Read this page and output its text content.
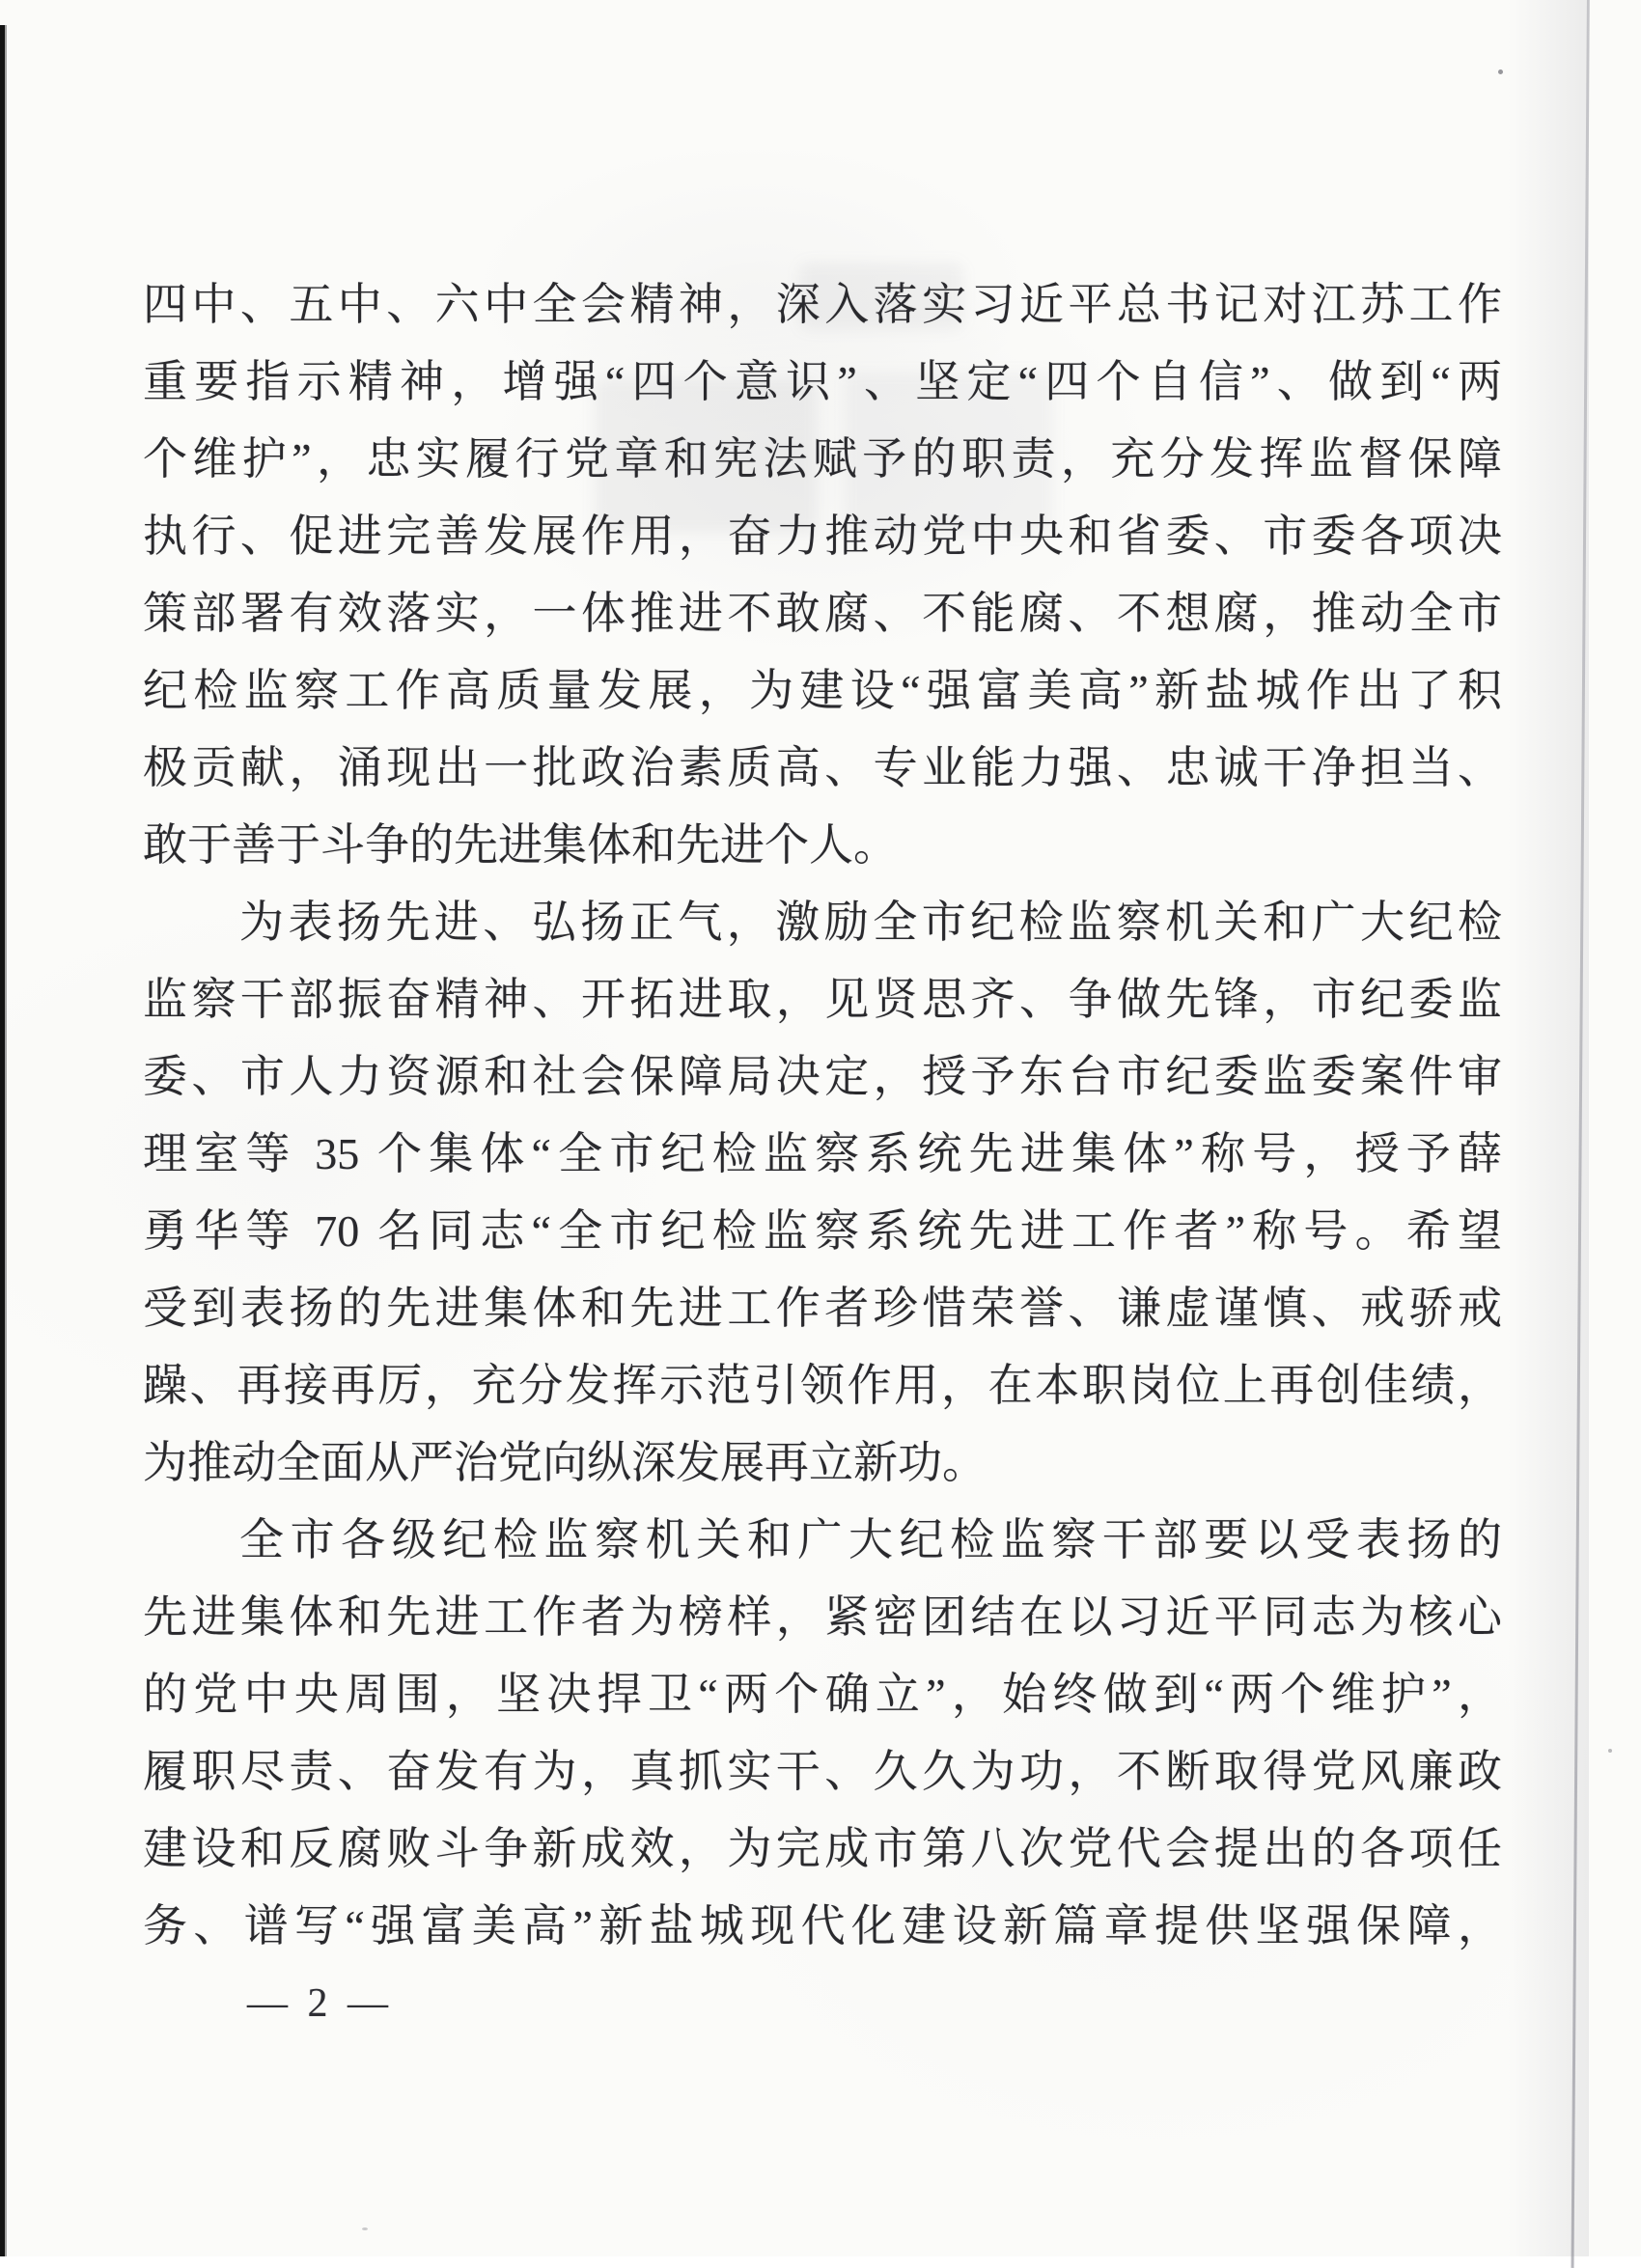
四中、五中、六中全会精神，深入落实习近平总书记对江苏工作
重要指示精神，增强“四个意识”、坚定“四个自信”、做到“两
个维护”，忠实履行党章和宪法赋予的职责，充分发挥监督保障
执行、促进完善发展作用，奋力推动党中央和省委、市委各项决
策部署有效落实，一体推进不敢腐、不能腐、不想腐，推动全市
纪检监察工作高质量发展，为建设“强富美高”新盐城作出了积
极贡献，涌现出一批政治素质高、专业能力强、忠诚干净担当、
敢于善于斗争的先进集体和先进个人。
为表扬先进、弘扬正气，激励全市纪检监察机关和广大纪检
监察干部振奋精神、开拓进取，见贤思齐、争做先锋，市纪委监
委、市人力资源和社会保障局决定，授予东台市纪委监委案件审
理室等 35 个集体“全市纪检监察系统先进集体”称号，授予薛
勇华等 70 名同志“全市纪检监察系统先进工作者”称号。希望
受到表扬的先进集体和先进工作者珍惜荣誉、谦虚谨慎、戒骄戒
躁、再接再厉，充分发挥示范引领作用，在本职岗位上再创佳绩，
为推动全面从严治党向纵深发展再立新功。
全市各级纪检监察机关和广大纪检监察干部要以受表扬的
先进集体和先进工作者为榜样，紧密团结在以习近平同志为核心
的党中央周围，坚决捍卫“两个确立”，始终做到“两个维护”，
履职尽责、奋发有为，真抓实干、久久为功，不断取得党风廉政
建设和反腐败斗争新成效，为完成市第八次党代会提出的各项任
务、谱写“强富美高”新盐城现代化建设新篇章提供坚强保障，
— 2 —
